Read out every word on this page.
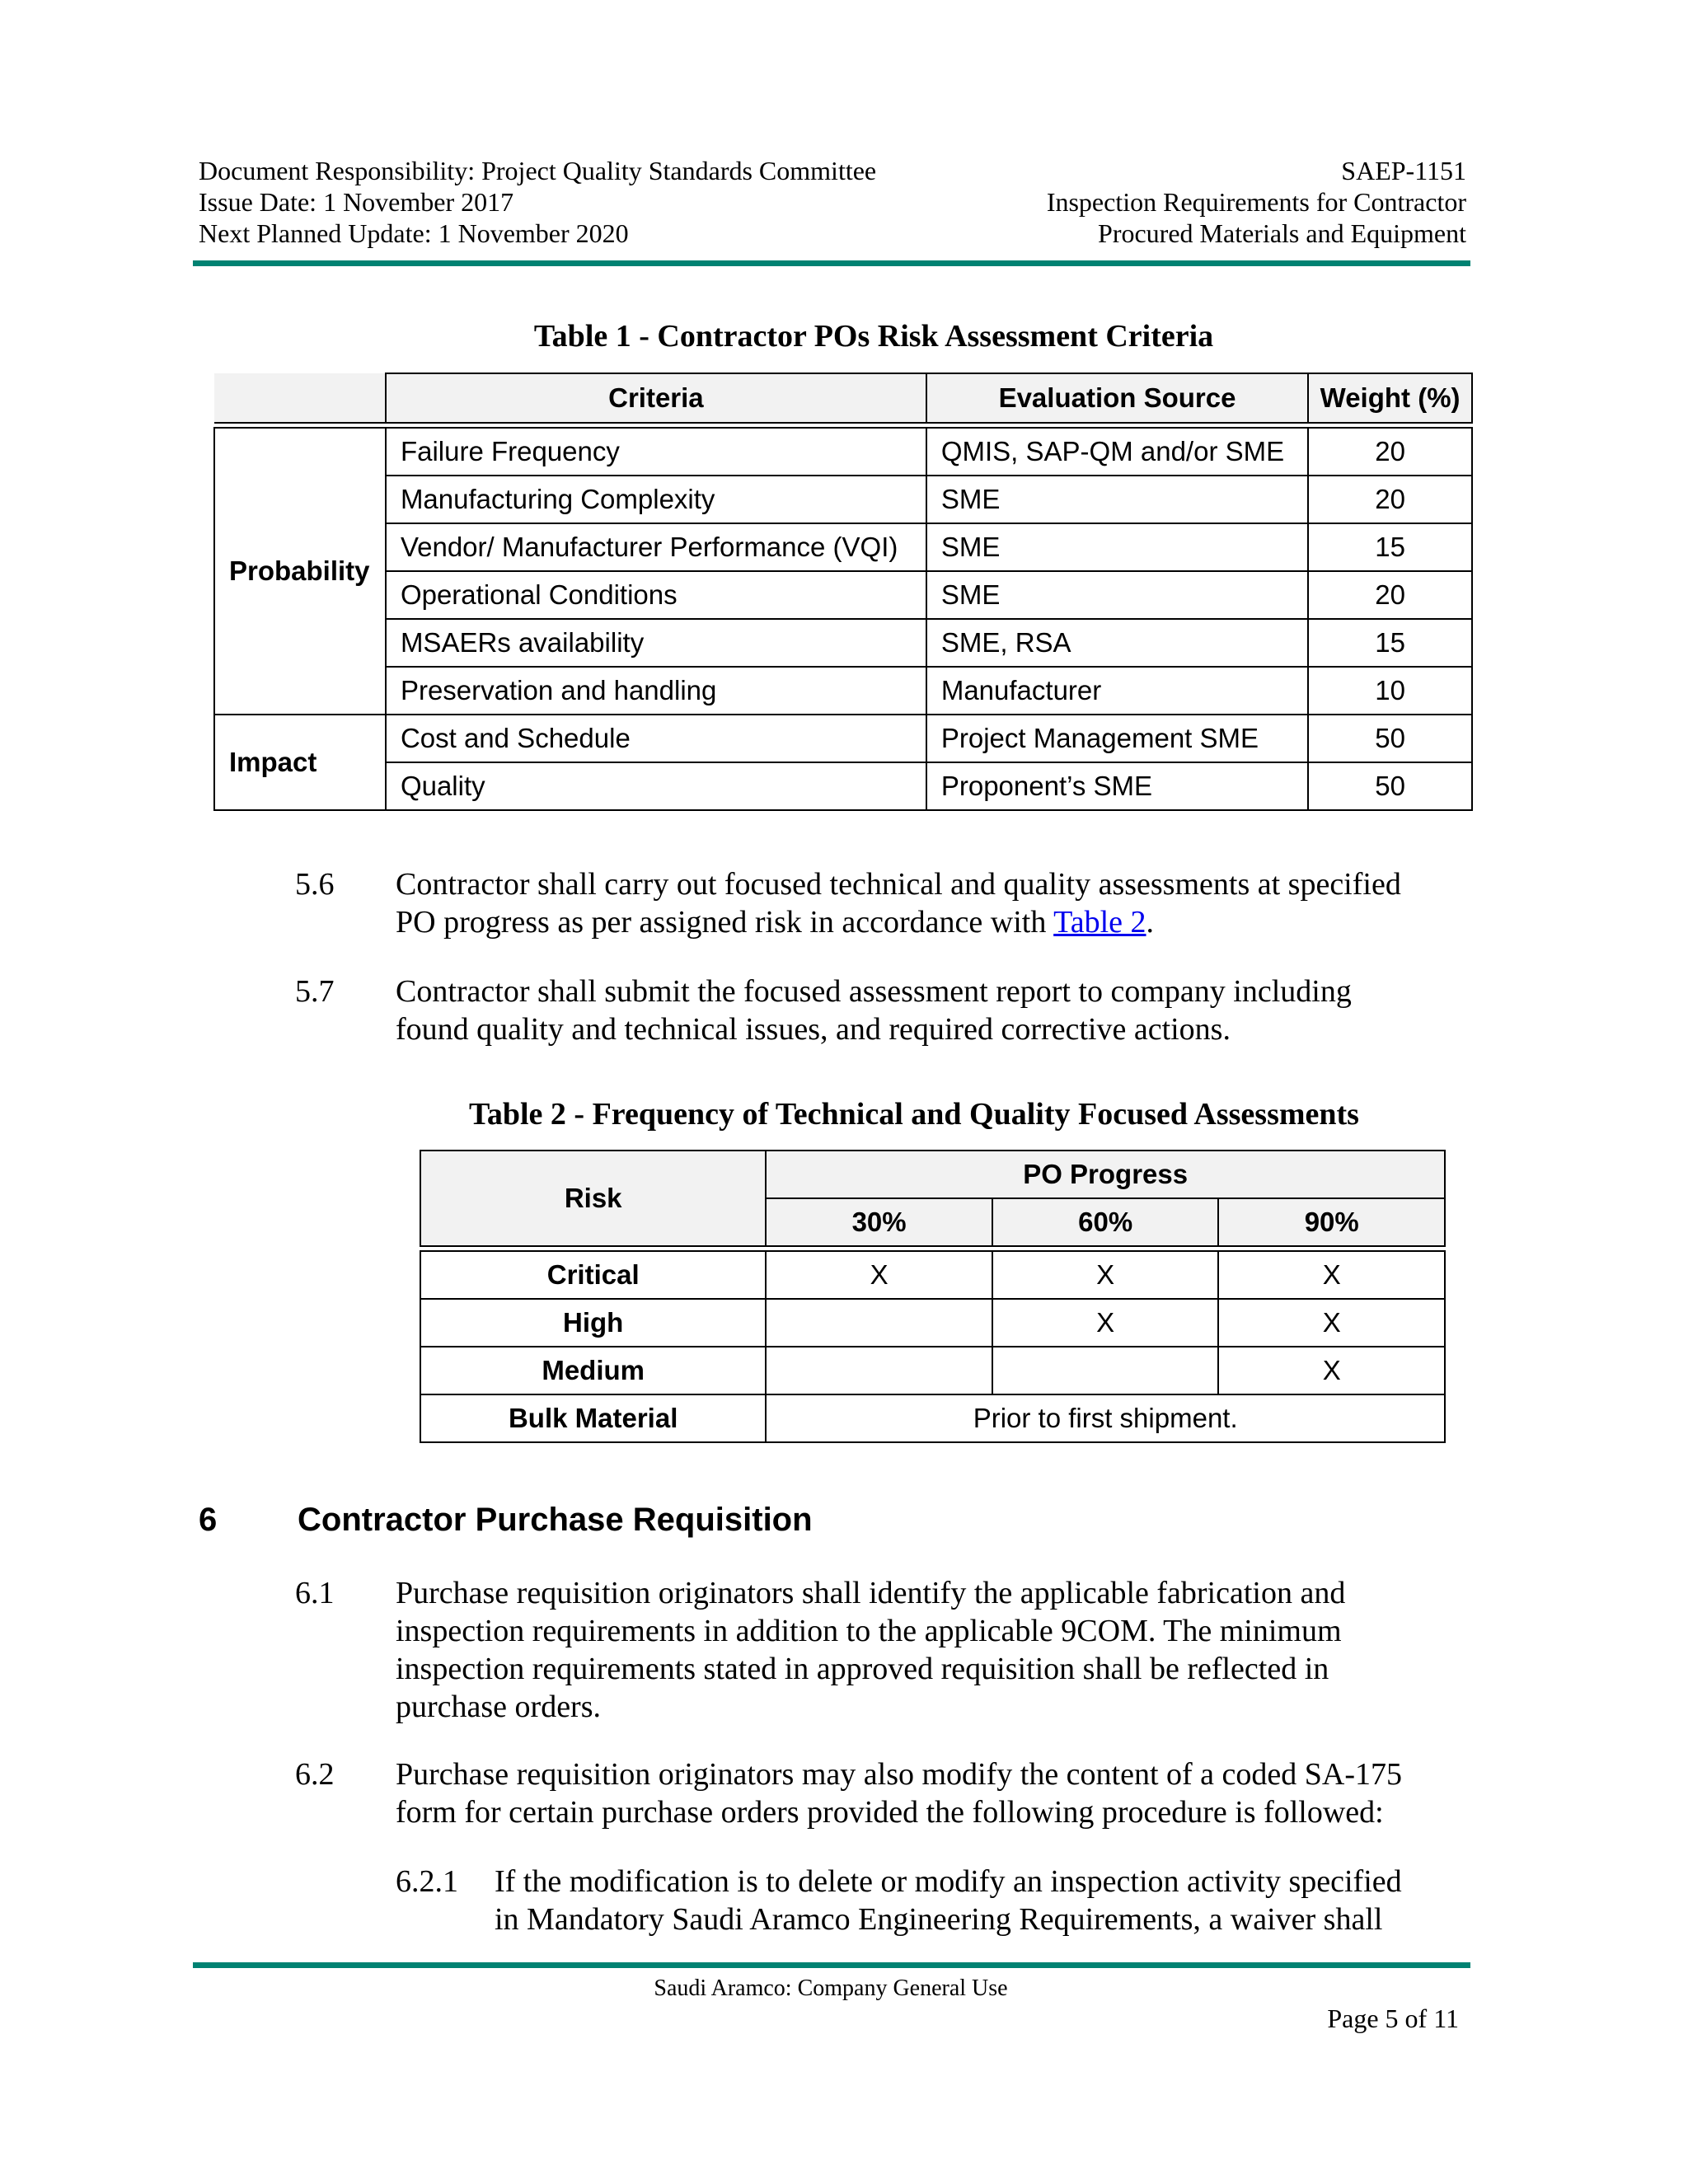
Document Responsibility: Project Quality Standards Committee
Issue Date: 1 November 2017
Next Planned Update: 1 November 2020
SAEP-1151
Inspection Requirements for Contractor
Procured Materials and Equipment
Table 1 - Contractor POs Risk Assessment Criteria
	Criteria	Evaluation Source	Weight (%)

Probability	Failure Frequency	QMIS, SAP-QM and/or SME	20
	Manufacturing Complexity	SME	20
	Vendor/ Manufacturer Performance (VQI)	SME	15
	Operational Conditions	SME	20
	MSAERs availability	SME, RSA	15
	Preservation and handling	Manufacturer	10
Impact	Cost and Schedule	Project Management SME	50
	Quality	Proponent’s SME	50
5.6 Contractor shall carry out focused technical and quality assessments at specified
PO progress as per assigned risk in accordance with Table 2.
5.7 Contractor shall submit the focused assessment report to company including
found quality and technical issues, and required corrective actions.
Table 2 - Frequency of Technical and Quality Focused Assessments
Risk	PO Progress		
	30%	60%	90%

Critical	X	X	X
High		X	X
Medium			X
Bulk Material	Prior to first shipment.		
6 Contractor Purchase Requisition
6.1 Purchase requisition originators shall identify the applicable fabrication and
inspection requirements in addition to the applicable 9COM. The minimum
inspection requirements stated in approved requisition shall be reflected in
purchase orders.
6.2 Purchase requisition originators may also modify the content of a coded SA-175
form for certain purchase orders provided the following procedure is followed:
6.2.1 If the modification is to delete or modify an inspection activity specified
in Mandatory Saudi Aramco Engineering Requirements, a waiver shall
Saudi Aramco: Company General Use
Page 5 of 11
